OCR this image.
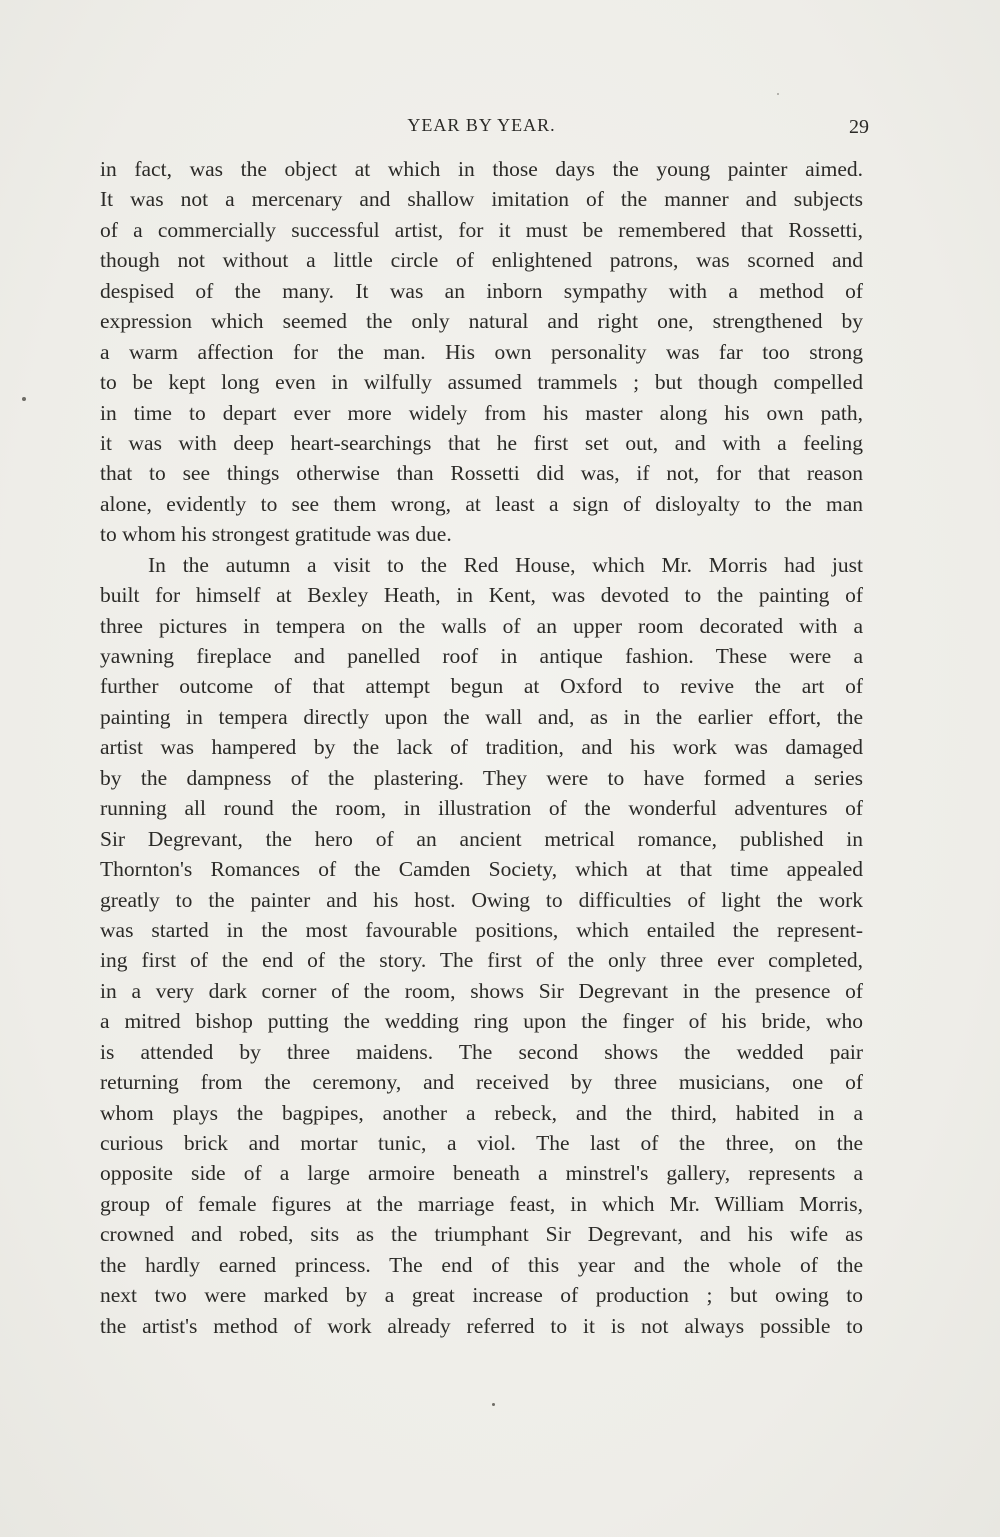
YEAR BY YEAR.	29
in fact, was the object at which in those days the young painter aimed.
It was not a mercenary and shallow imitation of the manner and subjects
of a commercially successful artist, for it must be remembered that Rossetti,
though not without a little circle of enlightened patrons, was scorned and
despised of the many. It was an inborn sympathy with a method of
expression which seemed the only natural and right one, strengthened by
a warm affection for the man. His own personality was far too strong
to be kept long even in wilfully assumed trammels ; but though compelled
in time to depart ever more widely from his master along his own path,
it was with deep heart-searchings that he first set out, and with a feeling
that to see things otherwise than Rossetti did was, if not, for that reason
alone, evidently to see them wrong, at least a sign of disloyalty to the man
to whom his strongest gratitude was due.
In the autumn a visit to the Red House, which Mr. Morris had just
built for himself at Bexley Heath, in Kent, was devoted to the painting of
three pictures in tempera on the walls of an upper room decorated with a
yawning fireplace and panelled roof in antique fashion. These were a
further outcome of that attempt begun at Oxford to revive the art of
painting in tempera directly upon the wall and, as in the earlier effort, the
artist was hampered by the lack of tradition, and his work was damaged
by the dampness of the plastering. They were to have formed a series
running all round the room, in illustration of the wonderful adventures of
Sir Degrevant, the hero of an ancient metrical romance, published in
Thornton's Romances of the Camden Society, which at that time appealed
greatly to the painter and his host. Owing to difficulties of light the work
was started in the most favourable positions, which entailed the represent-
ing first of the end of the story. The first of the only three ever completed,
in a very dark corner of the room, shows Sir Degrevant in the presence of
a mitred bishop putting the wedding ring upon the finger of his bride, who
is attended by three maidens. The second shows the wedded pair
returning from the ceremony, and received by three musicians, one of
whom plays the bagpipes, another a rebeck, and the third, habited in a
curious brick and mortar tunic, a viol. The last of the three, on the
opposite side of a large armoire beneath a minstrel's gallery, represents a
group of female figures at the marriage feast, in which Mr. William Morris,
crowned and robed, sits as the triumphant Sir Degrevant, and his wife as
the hardly earned princess. The end of this year and the whole of the
next two were marked by a great increase of production ; but owing to
the artist's method of work already referred to it is not always possible to
